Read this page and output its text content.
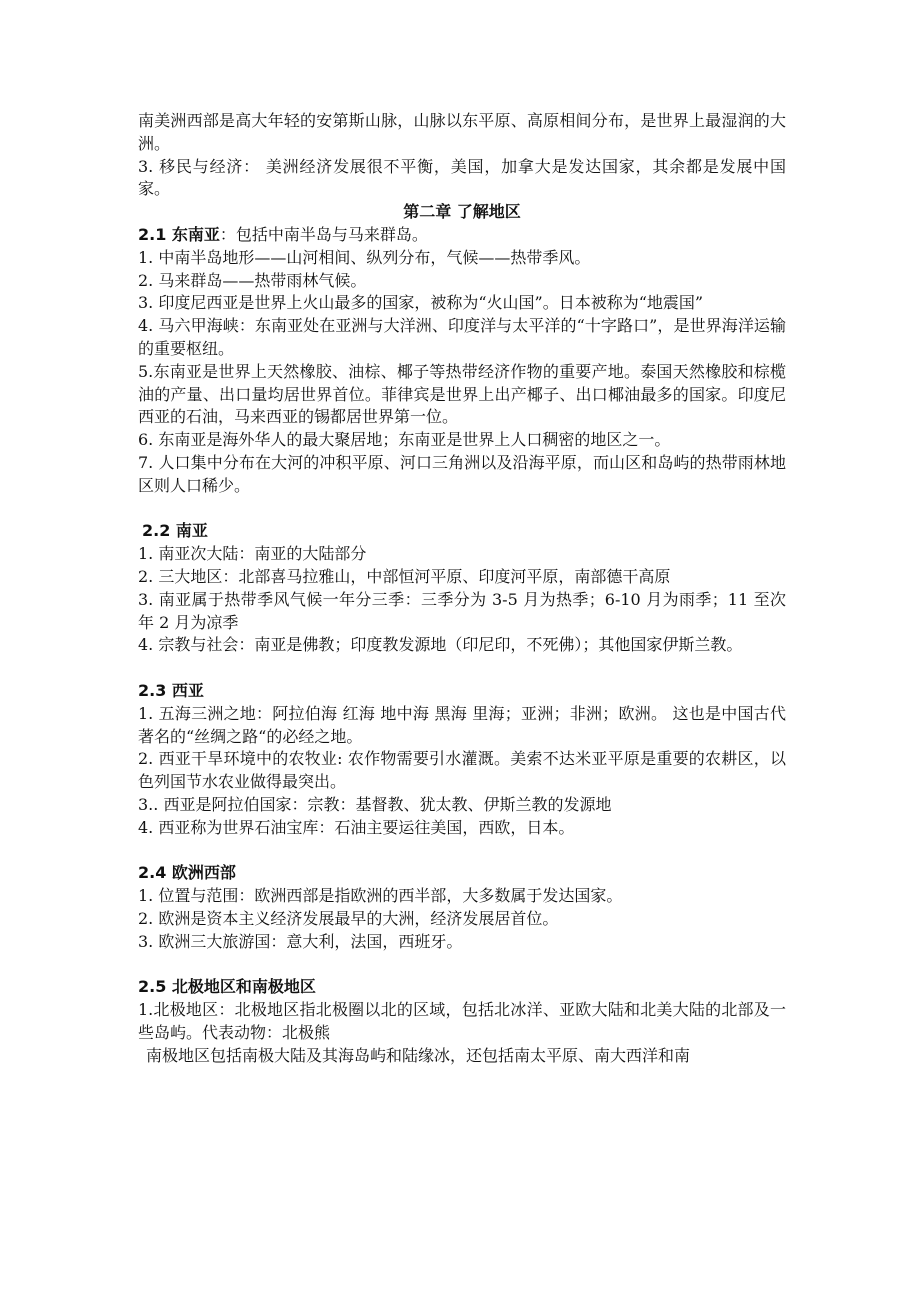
南美洲西部是高大年轻的安第斯山脉，山脉以东平原、高原相间分布，是世界上最湿润的大洲。

3. 移民与经济： 美洲经济发展很不平衡，美国，加拿大是发达国家，其余都是发展中国家。

第二章 了解地区

2.1 东南亚：包括中南半岛与马来群岛。

1. 中南半岛地形——山河相间、纵列分布，气候——热带季风。

2. 马来群岛——热带雨林气候。

3. 印度尼西亚是世界上火山最多的国家，被称为“火山国”。日本被称为“地震国”

4. 马六甲海峡：东南亚处在亚洲与大洋洲、印度洋与太平洋的“十字路口”，是世界海洋运输的重要枢纽。

5.东南亚是世界上天然橡胶、油棕、椰子等热带经济作物的重要产地。泰国天然橡胶和棕榄油的产量、出口量均居世界首位。菲律宾是世界上出产椰子、出口椰油最多的国家。印度尼 西亚的石油，马来西亚的锡都居世界第一位。

6. 东南亚是海外华人的最大聚居地；东南亚是世界上人口稠密的地区之一。

7. 人口集中分布在大河的冲积平原、河口三角洲以及沿海平原，而山区和岛屿的热带雨林地区则人口稀少。

2.2 南亚

1. 南亚次大陆：南亚的大陆部分

2. 三大地区：北部喜马拉雅山，中部恒河平原、印度河平原，南部德干高原

3. 南亚属于热带季风气候一年分三季：三季分为 3-5 月为热季；6-10 月为雨季；11 至次年 2 月为凉季

4. 宗教与社会：南亚是佛教；印度教发源地（印尼印，不死佛）；其他国家伊斯兰教。

2.3 西亚

1. 五海三洲之地：阿拉伯海 红海 地中海 黑海 里海；亚洲；非洲；欧洲。 这也是中国古代著名的“丝绸之路“的必经之地。

2. 西亚干旱环境中的农牧业: 农作物需要引水灌溉。美索不达米亚平原是重要的农耕区，以色列国节水农业做得最突出。

3.. 西亚是阿拉伯国家：宗教：基督教、犹太教、伊斯兰教的发源地

4. 西亚称为世界石油宝库：石油主要运往美国，西欧，日本。

2.4 欧洲西部

1. 位置与范围：欧洲西部是指欧洲的西半部，大多数属于发达国家。

2. 欧洲是资本主义经济发展最早的大洲，经济发展居首位。

3. 欧洲三大旅游国：意大利，法国，西班牙。

2.5 北极地区和南极地区

1.北极地区：北极地区指北极圈以北的区域，包括北冰洋、亚欧大陆和北美大陆的北部及一些岛屿。代表动物：北极熊

南极地区包括南极大陆及其海岛屿和陆缘冰，还包括南太平原、南大西洋和南
